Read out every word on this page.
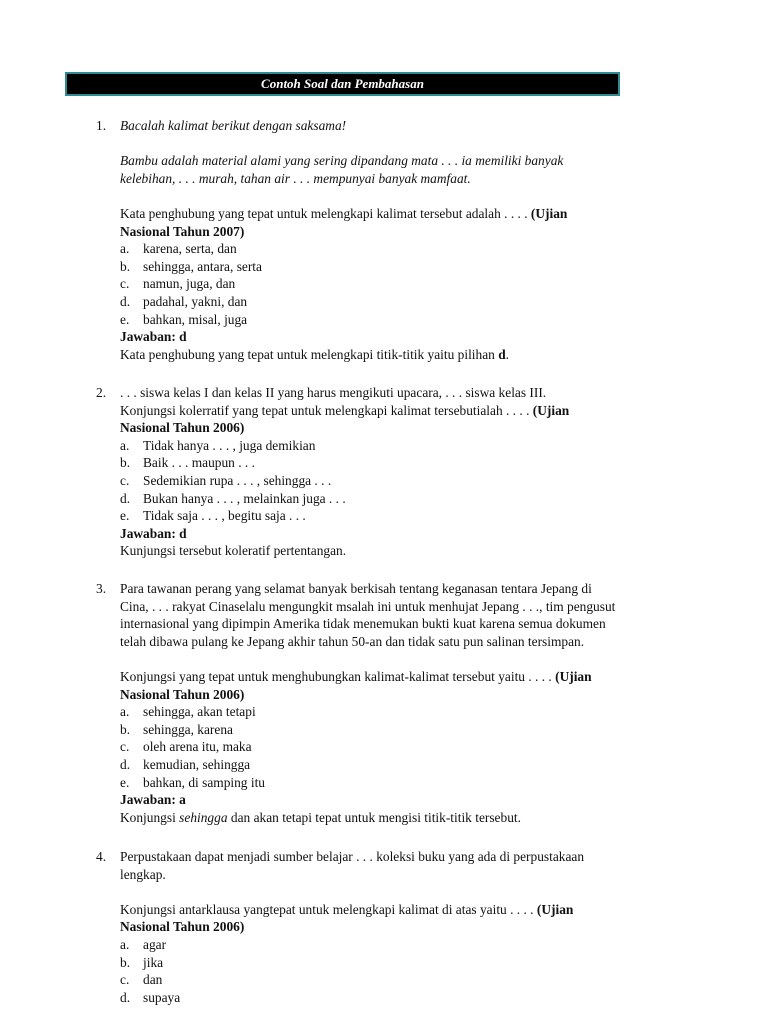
Contoh Soal dan Pembahasan
1. Bacalah kalimat berikut dengan saksama!

Bambu adalah material alami yang sering dipandang mata . . . ia memiliki banyak

kelebihan, . . . murah, tahan air . . . mempunyai banyak mamfaat.

Kata penghubung yang tepat untuk melengkapi kalimat tersebut adalah . . . . (Ujian

Nasional Tahun 2007)

a. karena, serta, dan
b. sehingga, antara, serta
c. namun, juga, dan
d. padahal, yakni, dan
e. bahkan, misal, juga

Jawaban: d

Kata penghubung yang tepat untuk melengkapi titik-titik yaitu pilihan d.

2. . . . siswa kelas I dan kelas II yang harus mengikuti upacara, . . . siswa kelas III.

Konjungsi kolerratif yang tepat untuk melengkapi kalimat tersebutialah . . . . (Ujian

Nasional Tahun 2006)

a. Tidak hanya . . . , juga demikian
b. Baik . . . maupun . . .
c. Sedemikian rupa . . . , sehingga . . .
d. Bukan hanya . . . , melainkan juga . . .
e. Tidak saja . . . , begitu saja . . .

Jawaban: d

Kunjungsi tersebut koleratif pertentangan.

3. Para tawanan perang yang selamat banyak berkisah tentang keganasan tentara Jepang di

Cina, . . . rakyat Cinaselalu mengungkit msalah ini untuk menhujat Jepang . . ., tim pengusut

internasional yang dipimpin Amerika tidak menemukan bukti kuat karena semua dokumen

telah dibawa pulang ke Jepang akhir tahun 50-an dan tidak satu pun salinan tersimpan.

Konjungsi yang tepat untuk menghubungkan kalimat-kalimat tersebut yaitu . . . . (Ujian

Nasional Tahun 2006)

a. sehingga, akan tetapi
b. sehingga, karena
c. oleh arena itu, maka
d. kemudian, sehingga
e. bahkan, di samping itu

Jawaban: a

Konjungsi sehingga dan akan tetapi tepat untuk mengisi titik-titik tersebut.

4. Perpustakaan dapat menjadi sumber belajar . . . koleksi buku yang ada di perpustakaan

lengkap.

Konjungsi antarklausa yangtepat untuk melengkapi kalimat di atas yaitu . . . . (Ujian

Nasional Tahun 2006)

a. agar
b. jika
c. dan
d. supaya
